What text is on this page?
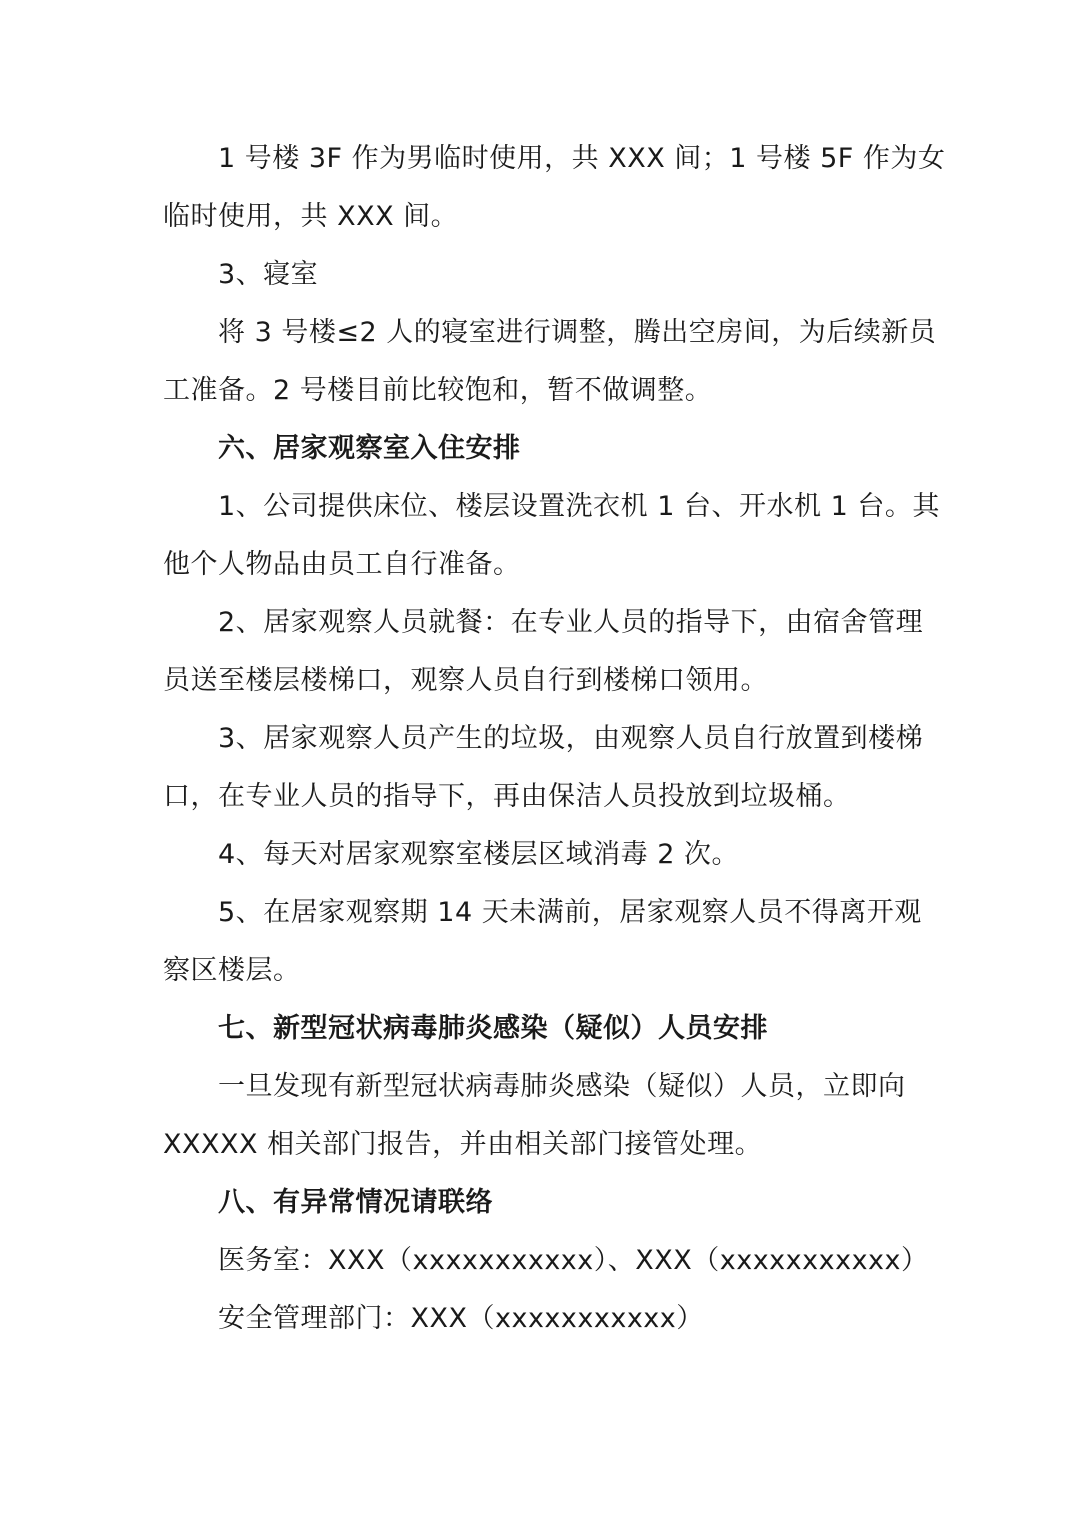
1 号楼 3F 作为男临时使用，共 XXX 间；1 号楼 5F 作为女

临时使用，共 XXX 间。

3、寝室

将 3 号楼≤2 人的寝室进行调整，腾出空房间，为后续新员

工准备。2 号楼目前比较饱和，暂不做调整。

六、居家观察室入住安排

1、公司提供床位、楼层设置洗衣机 1 台、开水机 1 台。其

他个人物品由员工自行准备。

2、居家观察人员就餐：在专业人员的指导下，由宿舍管理

员送至楼层楼梯口，观察人员自行到楼梯口领用。

3、居家观察人员产生的垃圾，由观察人员自行放置到楼梯

口，在专业人员的指导下，再由保洁人员投放到垃圾桶。

4、每天对居家观察室楼层区域消毒 2 次。

5、在居家观察期 14 天未满前，居家观察人员不得离开观

察区楼层。

七、新型冠状病毒肺炎感染（疑似）人员安排

一旦发现有新型冠状病毒肺炎感染（疑似）人员，立即向

XXXXX 相关部门报告，并由相关部门接管处理。

八、有异常情况请联络

医务室：XXX（xxxxxxxxxxx）、XXX（xxxxxxxxxxx）

安全管理部门：XXX（xxxxxxxxxxx）
